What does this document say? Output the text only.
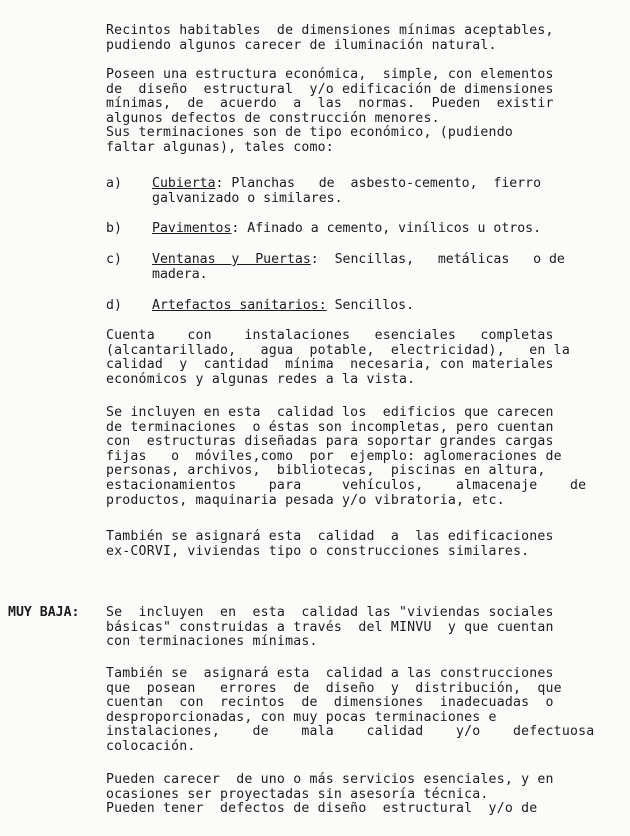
Recintos habitables  de dimensiones mínimas aceptables,
pudiendo algunos carecer de iluminación natural.
Poseen una estructura económica,  simple, con elementos
de  diseño  estructural  y/o edificación de dimensiones
mínimas,  de  acuerdo  a  las  normas.  Pueden  existir
algunos defectos de construcción menores.
Sus terminaciones son de tipo económico, (pudiendo
faltar algunas), tales como:
a) Cubierta: Planchas   de  asbesto-cemento,  fierro
galvanizado o similares.
b) Pavimentos: Afinado a cemento, vinílicos u otros.
c) Ventanas  y  Puertas:  Sencillas,   metálicas   o de
madera.
d) Artefactos sanitarios: Sencillos.
Cuenta    con    instalaciones   esenciales   completas
(alcantarillado,   agua  potable,  electricidad),   en la
calidad  y  cantidad  mínima  necesaria, con materiales
económicos y algunas redes a la vista.
Se incluyen en esta  calidad los  edificios que carecen
de terminaciones  o éstas son incompletas, pero cuentan
con  estructuras diseñadas para soportar grandes cargas
fijas   o  móviles,como  por  ejemplo: aglomeraciones de
personas, archivos,  bibliotecas,  piscinas en altura,
estacionamientos    para     vehículos,    almacenaje    de
productos, maquinaria pesada y/o vibratoria, etc.
También se asignará esta  calidad  a  las edificaciones
ex-CORVI, viviendas tipo o construcciones similares.
MUY BAJA: Se  incluyen  en  esta  calidad las "viviendas sociales
básicas" construidas a través  del MINVU  y que cuentan
con terminaciones mínimas.
También se  asignará esta  calidad a las construcciones
que  posean   errores  de  diseño  y  distribución,  que
cuentan  con  recintos  de  dimensiones  inadecuadas  o
desproporcionadas, con muy pocas terminaciones e
instalaciones,    de    mala    calidad    y/o    defectuosa
colocación.
Pueden carecer  de uno o más servicios esenciales, y en
ocasiones ser proyectadas sin asesoría técnica.
Pueden tener  defectos de diseño  estructural  y/o de
